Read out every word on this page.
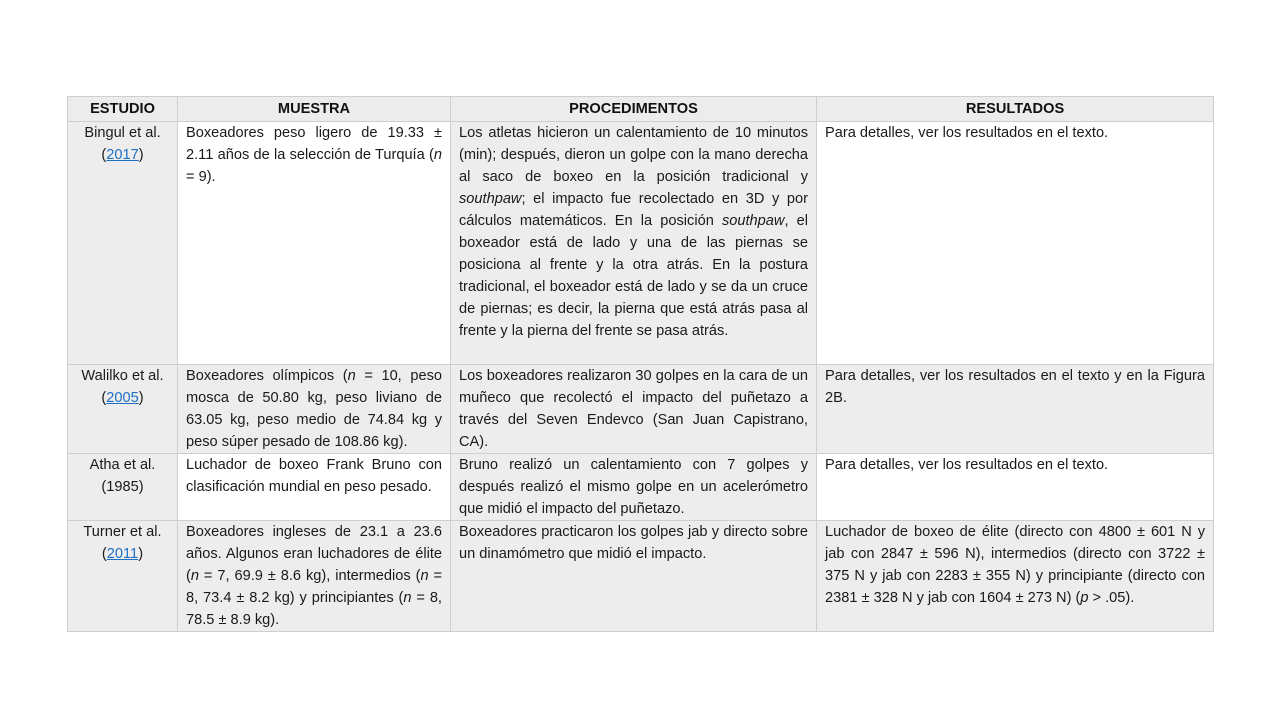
ESTUDIO	MUESTRA	PROCEDIMENTOS	RESULTADOS

Bingul et al.
(2017)	Boxeadores peso ligero de 19.33 ± 2.11 años de la selección de Turquía (n = 9).	Los atletas hicieron un calentamiento de 10 minutos (min); después, dieron un golpe con la mano derecha al saco de boxeo en la posición tradicional y southpaw; el impacto fue recolectado en 3D y por cálculos matemáticos. En la posición southpaw, el boxeador está de lado y una de las piernas se posiciona al frente y la otra atrás. En la postura tradicional, el boxeador está de lado y se da un cruce de piernas; es decir, la pierna que está atrás pasa al frente y la pierna del frente se pasa atrás.	Para detalles, ver los resultados en el texto.

Walilko et al.
(2005)	Boxeadores olímpicos (n = 10, peso mosca de 50.80 kg, peso liviano de 63.05 kg, peso medio de 74.84 kg y peso súper pesado de 108.86 kg).	Los boxeadores realizaron 30 golpes en la cara de un muñeco que recolectó el impacto del puñetazo a través del Seven Endevco (San Juan Capistrano, CA).	Para detalles, ver los resultados en el texto y en la Figura 2B.

Atha et al.
(1985)	Luchador de boxeo Frank Bruno con clasificación mundial en peso pesado.	Bruno realizó un calentamiento con 7 golpes y después realizó el mismo golpe en un acelerómetro que midió el impacto del puñetazo.	Para detalles, ver los resultados en el texto.

Turner et al.
(2011)	Boxeadores ingleses de 23.1 a 23.6 años. Algunos eran luchadores de élite (n = 7, 69.9 ± 8.6 kg), intermedios (n = 8, 73.4 ± 8.2 kg) y principiantes (n = 8, 78.5 ± 8.9 kg).	Boxeadores practicaron los golpes jab y directo sobre un dinamómetro que midió el impacto.	Luchador de boxeo de élite (directo con 4800 ± 601 N y jab con 2847 ± 596 N), intermedios (directo con 3722 ± 375 N y jab con 2283 ± 355 N) y principiante (directo con 2381 ± 328 N y jab con 1604 ± 273 N) (p > .05).
